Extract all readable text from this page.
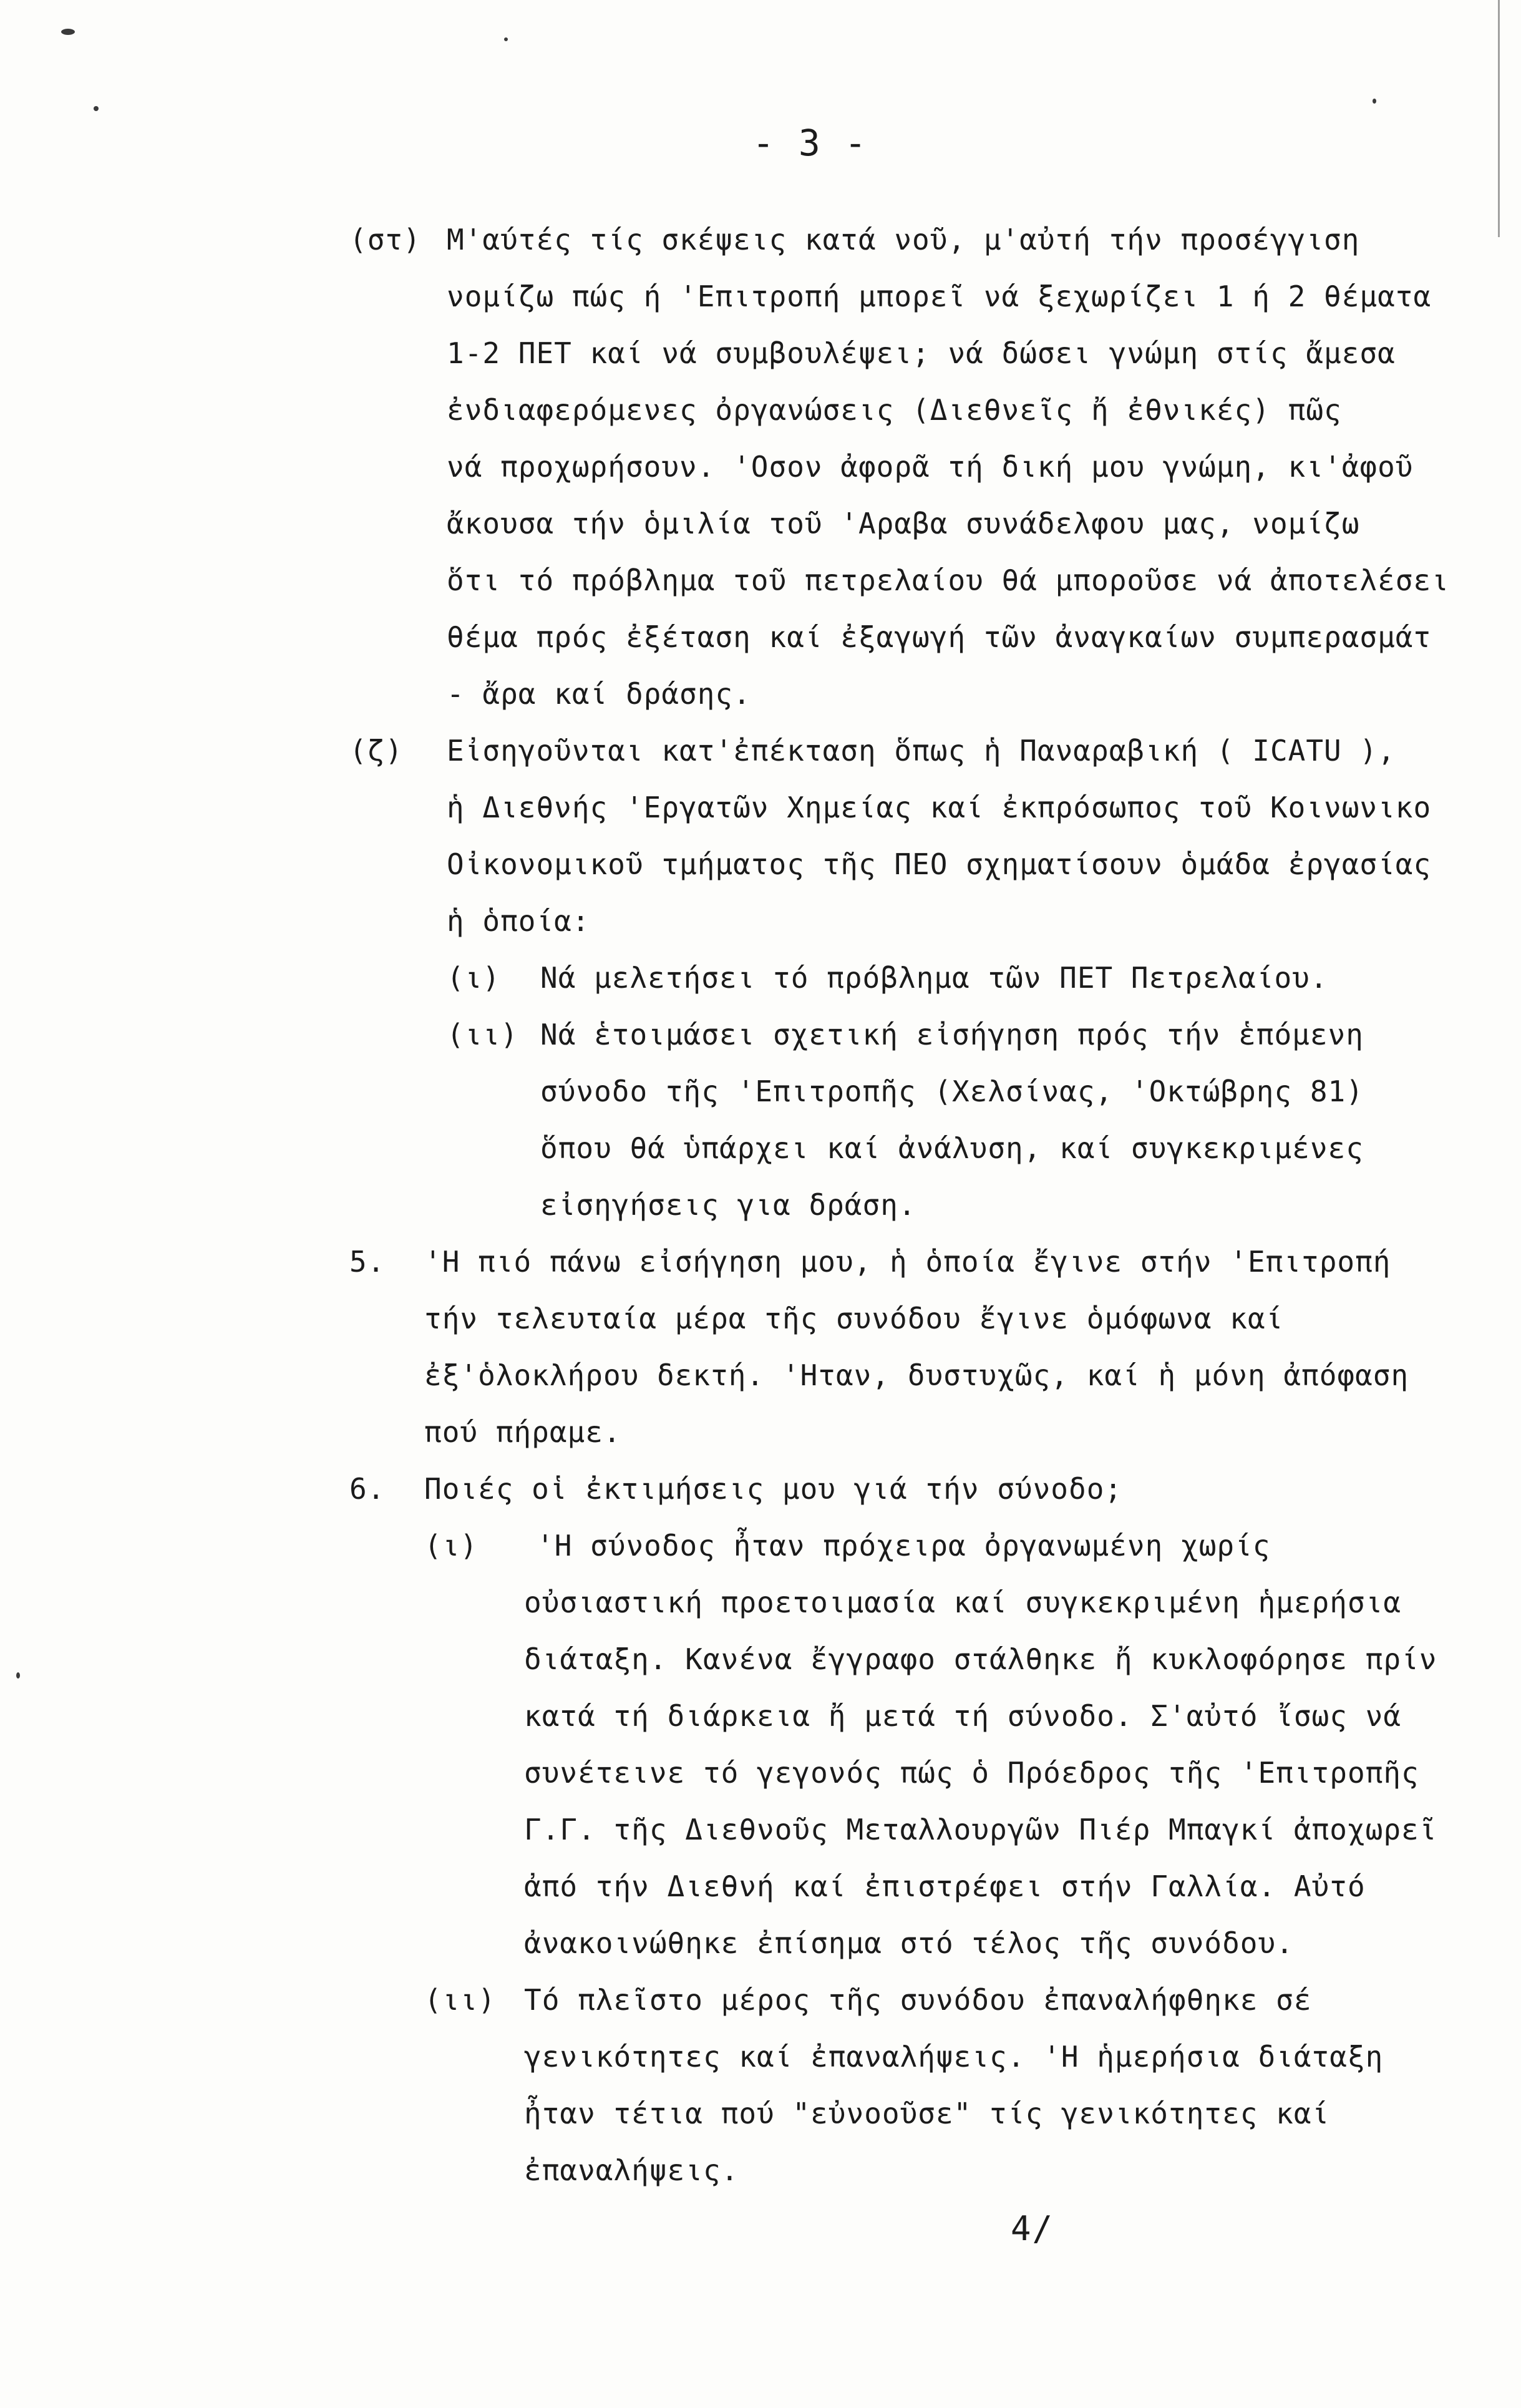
- 3 -
(στ) Μ'αύτές τίς σκέψεις κατά νοῦ, μ'αὐτή τήν προσέγγιση
νομίζω πώς ή 'Επιτροπή μπορεῖ νά ξεχωρίζει 1 ή 2 θέματα
1-2 ΠΕΤ καί νά συμβουλέψει; νά δώσει γνώμη στίς ἄμεσα
ἐνδιαφερόμενες ὀργανώσεις (Διεθνεῖς ἤ ἐθνικές) πῶς
νά προχωρήσουν. 'Οσον ἀφορᾶ τή δική μου γνώμη, κι'ἀφοῦ
ἄκουσα τήν ὁμιλία τοῦ 'Αραβα συνάδελφου μας, νομίζω
ὅτι τό πρόβλημα τοῦ πετρελαίου θά μποροῦσε νά ἀποτελέσει
θέμα πρός ἐξέταση καί ἐξαγωγή τῶν ἀναγκαίων συμπερασμάτ
- ἄρα καί δράσης.
(ζ) Εἰσηγοῦνται κατ'ἐπέκταση ὅπως ἡ Παναραβική ( ICATU ),
ἡ Διεθνής 'Εργατῶν Χημείας καί ἐκπρόσωπος τοῦ Κοινωνικο
Οἰκονομικοῦ τμήματος τῆς ΠΕΟ σχηματίσουν ὁμάδα ἐργασίας
ἡ ὁποία:
(ι) Νά μελετήσει τό πρόβλημα τῶν ΠΕΤ Πετρελαίου.
(ιι) Νά ἑτοιμάσει σχετική εἰσήγηση πρός τήν ἑπόμενη
σύνοδο τῆς 'Επιτροπῆς (Χελσίνας, 'Οκτώβρης 81)
ὅπου θά ὑπάρχει καί ἀνάλυση, καί συγκεκριμένες
εἰσηγήσεις για δράση.
5. 'Η πιό πάνω εἰσήγηση μου, ἡ ὁποία ἔγινε στήν 'Επιτροπή
τήν τελευταία μέρα τῆς συνόδου ἔγινε ὁμόφωνα καί
ἐξ'ὁλοκλήρου δεκτή. 'Ηταν, δυστυχῶς, καί ἡ μόνη ἀπόφαση
πού πήραμε.
6. Ποιές οἱ ἐκτιμήσεις μου γιά τήν σύνοδο;
(ι) 'Η σύνοδος ἦταν πρόχειρα ὀργανωμένη χωρίς
οὐσιαστική προετοιμασία καί συγκεκριμένη ἡμερήσια
διάταξη. Κανένα ἔγγραφο στάλθηκε ἤ κυκλοφόρησε πρίν
κατά τή διάρκεια ἤ μετά τή σύνοδο. Σ'αὐτό ἴσως νά
συνέτεινε τό γεγονός πώς ὁ Πρόεδρος τῆς 'Επιτροπῆς
Γ.Γ. τῆς Διεθνοῦς Μεταλλουργῶν Πιέρ Μπαγκί ἀποχωρεῖ
ἀπό τήν Διεθνή καί ἐπιστρέφει στήν Γαλλία. Αὐτό
ἀνακοινώθηκε ἐπίσημα στό τέλος τῆς συνόδου.
(ιι) Τό πλεῖστο μέρος τῆς συνόδου ἐπαναλήφθηκε σέ
γενικότητες καί ἐπαναλήψεις. 'Η ἡμερήσια διάταξη
ἦταν τέτια πού "εὐνοοῦσε" τίς γενικότητες καί
ἐπαναλήψεις.
4/
